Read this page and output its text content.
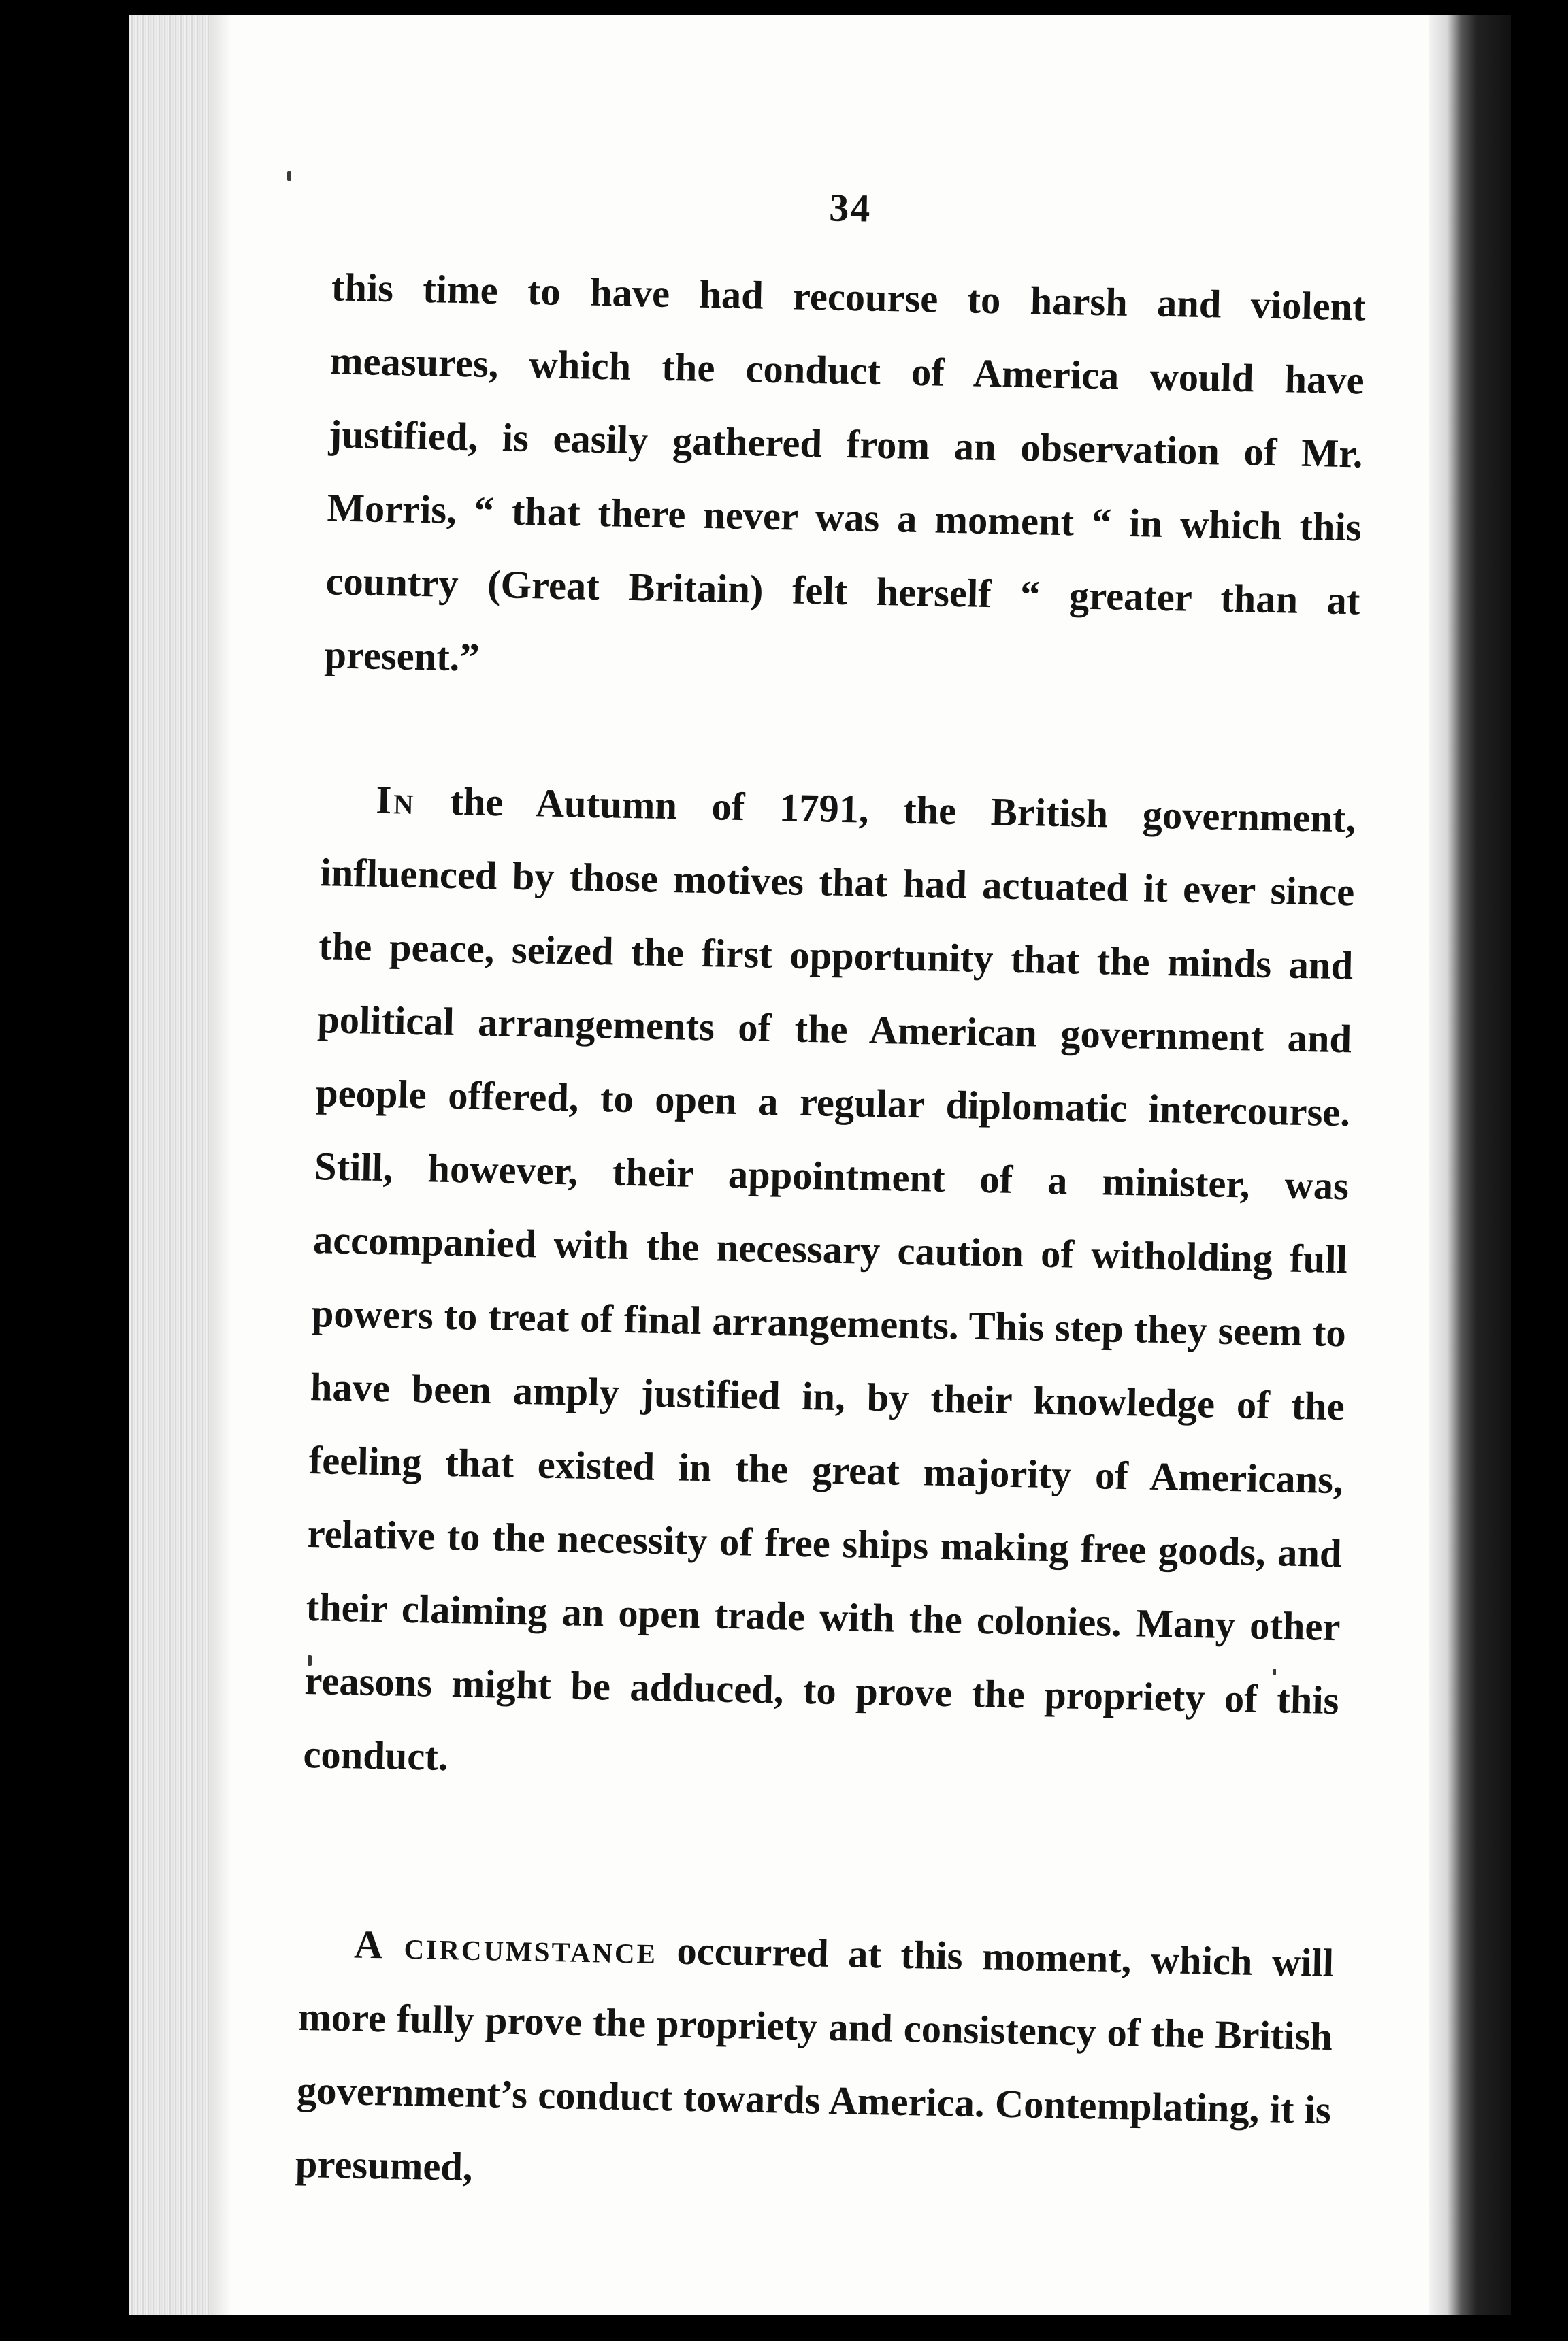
34

this time to have had recourse to harsh and violent measures, which the conduct of America would have justified, is easily gathered from an observation of Mr. Morris, “ that there never was a moment “ in which this country (Great Britain) felt herself “ greater than at present.”

In the Autumn of 1791, the British government, influenced by those motives that had actuated it ever since the peace, seized the first opportunity that the minds and political arrangements of the American government and people offered, to open a regular diplomatic intercourse. Still, however, their appointment of a minister, was accompanied with the necessary caution of witholding full powers to treat of final arrangements. This step they seem to have been amply justified in, by their knowledge of the feeling that existed in the great majority of Americans, relative to the necessity of free ships making free goods, and their claiming an open trade with the colonies. Many other reasons might be adduced, to prove the propriety of this conduct.

A circumstance occurred at this moment, which will more fully prove the propriety and consistency of the British government’s conduct towards America. Contemplating, it is presumed,
